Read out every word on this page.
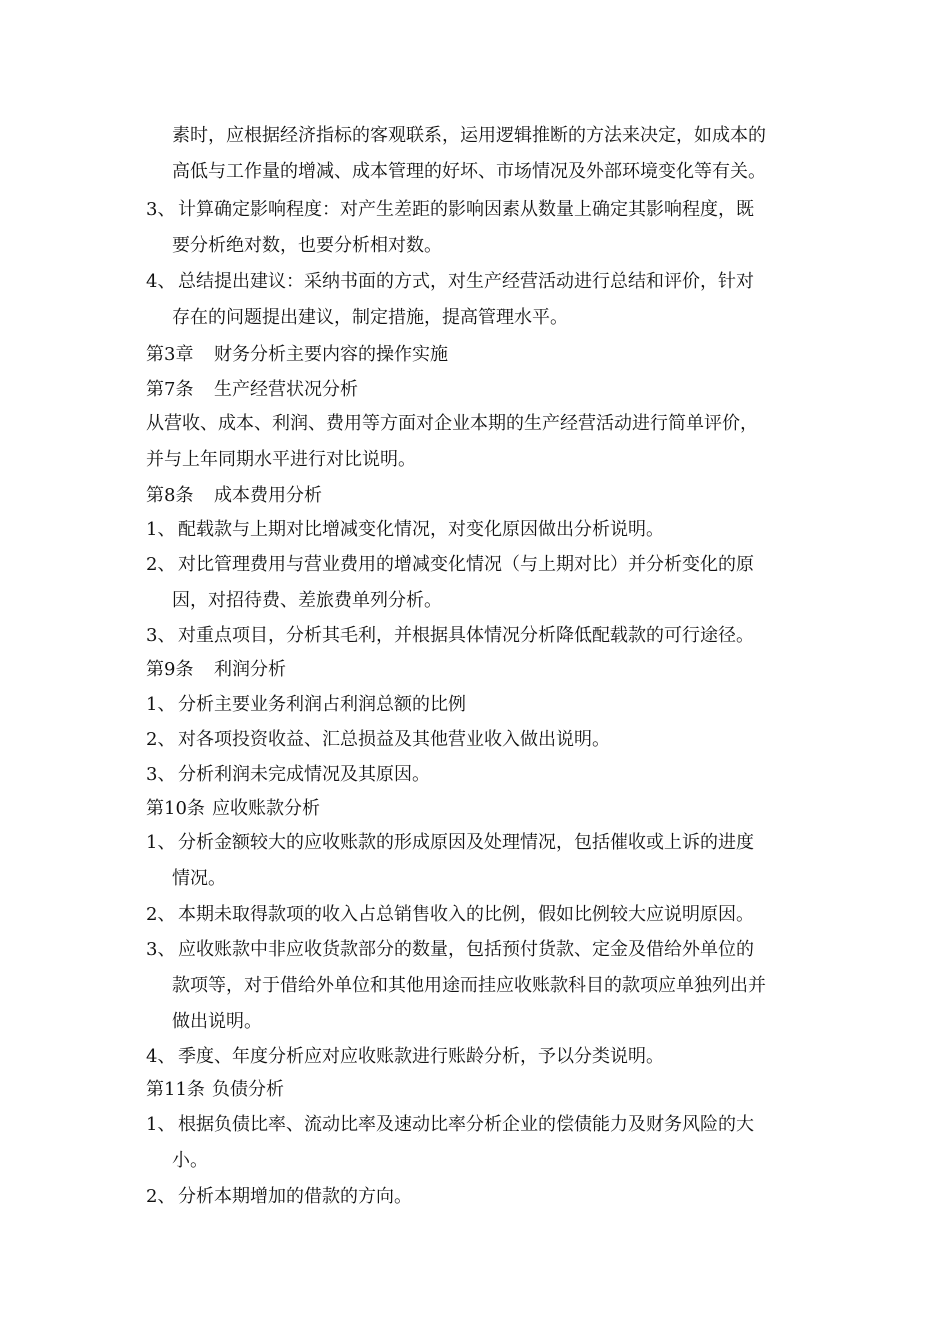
素时，应根据经济指标的客观联系，运用逻辑推断的方法来决定，如成本的
高低与工作量的增减、成本管理的好坏、市场情况及外部环境变化等有关。
3、 计算确定影响程度：对产生差距的影响因素从数量上确定其影响程度，既
要分析绝对数，也要分析相对数。
4、 总结提出建议：采纳书面的方式，对生产经营活动进行总结和评价，针对
存在的问题提出建议，制定措施，提高管理水平。
第3章 财务分析主要内容的操作实施
第7条 生产经营状况分析
从营收、成本、利润、费用等方面对企业本期的生产经营活动进行简单评价，
并与上年同期水平进行对比说明。
第8条 成本费用分析
1、 配载款与上期对比增减变化情况，对变化原因做出分析说明。
2、 对比管理费用与营业费用的增减变化情况（与上期对比）并分析变化的原
因，对招待费、差旅费单列分析。
3、 对重点项目，分析其毛利，并根据具体情况分析降低配载款的可行途径。
第9条 利润分析
1、 分析主要业务利润占利润总额的比例
2、 对各项投资收益、汇总损益及其他营业收入做出说明。
3、 分析利润未完成情况及其原因。
第10条 应收账款分析
1、 分析金额较大的应收账款的形成原因及处理情况，包括催收或上诉的进度
情况。
2、 本期未取得款项的收入占总销售收入的比例，假如比例较大应说明原因。
3、 应收账款中非应收货款部分的数量，包括预付货款、定金及借给外单位的
款项等，对于借给外单位和其他用途而挂应收账款科目的款项应单独列出并
做出说明。
4、 季度、年度分析应对应收账款进行账龄分析，予以分类说明。
第11条 负债分析
1、 根据负债比率、流动比率及速动比率分析企业的偿债能力及财务风险的大
小。
2、 分析本期增加的借款的方向。
